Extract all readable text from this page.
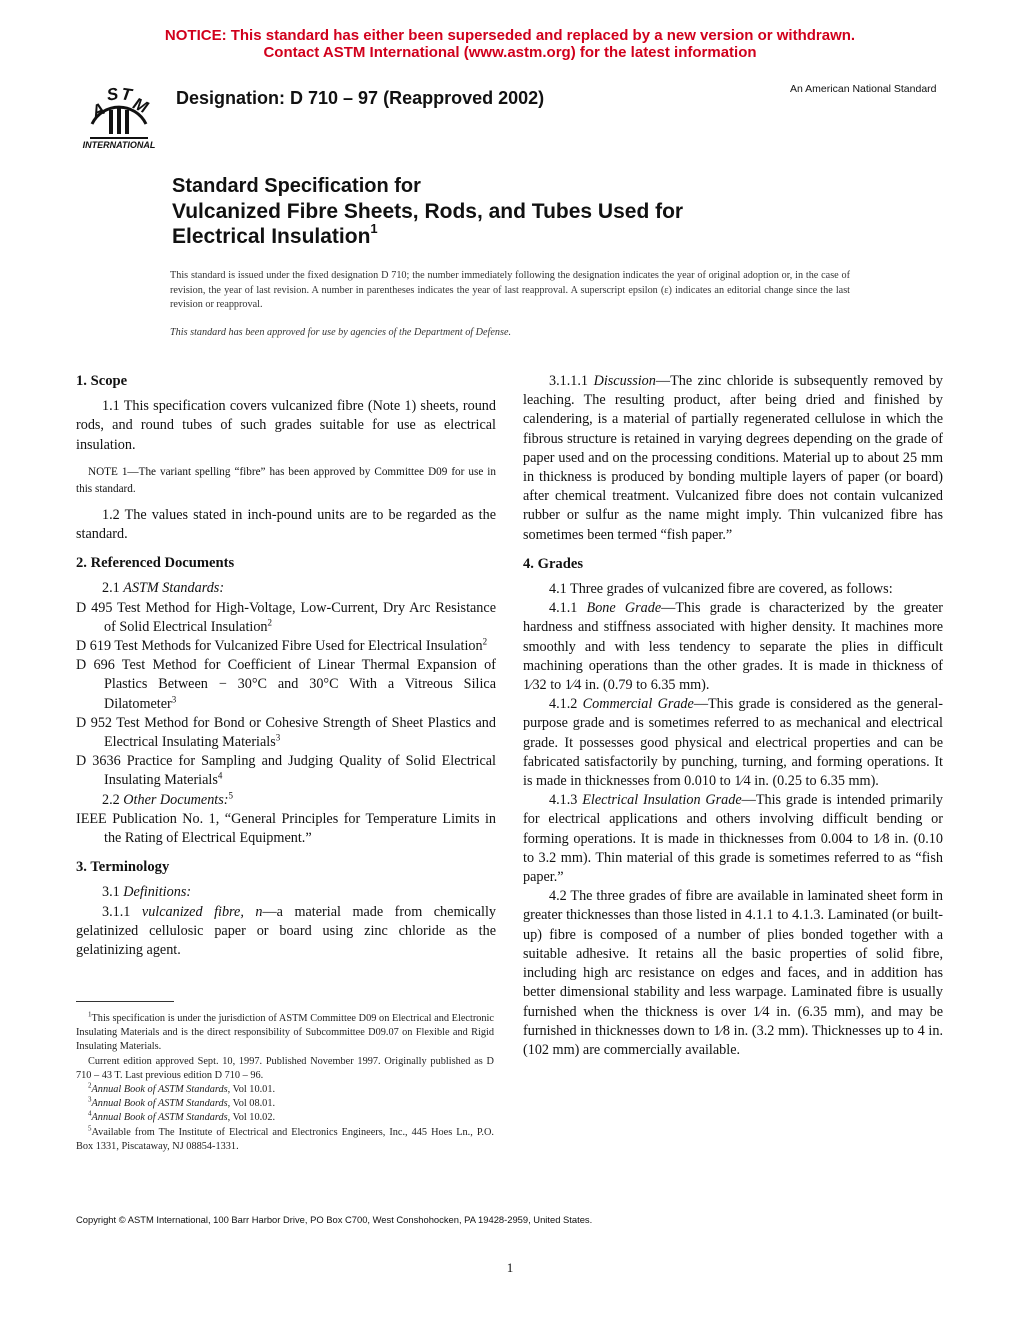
NOTICE: This standard has either been superseded and replaced by a new version or withdrawn.
Contact ASTM International (www.astm.org) for the latest information
A
S T
M
INTERNATIONAL
Designation: D 710 – 97 (Reapproved 2002)	An American National Standard
Standard Specification for
Vulcanized Fibre Sheets, Rods, and Tubes Used for
Electrical Insulation$^1$
This standard is issued under the fixed designation D 710; the number immediately following the designation indicates the year of original adoption or, in the case of revision, the year of last revision. A number in parentheses indicates the year of last reapproval. A superscript epsilon (ε) indicates an editorial change since the last revision or reapproval.
This standard has been approved for use by agencies of the Department of Defense.

1. Scope

1.1 This specification covers vulcanized fibre (Note 1) sheets, round rods, and round tubes of such grades suitable for use as electrical insulation.

NOTE 1—The variant spelling “fibre” has been approved by Committee D09 for use in this standard.

1.2 The values stated in inch-pound units are to be regarded as the standard.

2. Referenced Documents

2.1 ASTM Standards:

D 495 Test Method for High-Voltage, Low-Current, Dry Arc Resistance of Solid Electrical Insulation$^2$

D 619 Test Methods for Vulcanized Fibre Used for Electrical Insulation$^2$

D 696 Test Method for Coefficient of Linear Thermal Expansion of Plastics Between − 30°C and 30°C With a Vitreous Silica Dilatometer$^3$

D 952 Test Method for Bond or Cohesive Strength of Sheet Plastics and Electrical Insulating Materials$^3$

D 3636 Practice for Sampling and Judging Quality of Solid Electrical Insulating Materials$^4$

2.2 Other Documents:$^5$

IEEE Publication No. 1, “General Principles for Temperature Limits in the Rating of Electrical Equipment.”

3. Terminology

3.1 Definitions:

3.1.1 vulcanized fibre, n—a material made from chemically gelatinized cellulosic paper or board using zinc chloride as the gelatinizing agent.

$^1$This specification is under the jurisdiction of ASTM Committee D09 on Electrical and Electronic Insulating Materials and is the direct responsibility of Subcommittee D09.07 on Flexible and Rigid Insulating Materials.

Current edition approved Sept. 10, 1997. Published November 1997. Originally published as D 710 – 43 T. Last previous edition D 710 – 96.

$^2$Annual Book of ASTM Standards, Vol 10.01.

$^3$Annual Book of ASTM Standards, Vol 08.01.

$^4$Annual Book of ASTM Standards, Vol 10.02.

$^5$Available from The Institute of Electrical and Electronics Engineers, Inc., 445 Hoes Ln., P.O. Box 1331, Piscataway, NJ 08854-1331.

3.1.1.1 Discussion—The zinc chloride is subsequently removed by leaching. The resulting product, after being dried and finished by calendering, is a material of partially regenerated cellulose in which the fibrous structure is retained in varying degrees depending on the grade of paper used and on the processing conditions. Material up to about 25 mm in thickness is produced by bonding multiple layers of paper (or board) after chemical treatment. Vulcanized fibre does not contain vulcanized rubber or sulfur as the name might imply. Thin vulcanized fibre has sometimes been termed “fish paper.”

4. Grades

4.1 Three grades of vulcanized fibre are covered, as follows:

4.1.1 Bone Grade—This grade is characterized by the greater hardness and stiffness associated with higher density. It machines more smoothly and with less tendency to separate the plies in difficult machining operations than the other grades. It is made in thickness of 1⁄32 to 1⁄4 in. (0.79 to 6.35 mm).

4.1.2 Commercial Grade—This grade is considered as the general-purpose grade and is sometimes referred to as mechanical and electrical grade. It possesses good physical and electrical properties and can be fabricated satisfactorily by punching, turning, and forming operations. It is made in thicknesses from 0.010 to 1⁄4 in. (0.25 to 6.35 mm).

4.1.3 Electrical Insulation Grade—This grade is intended primarily for electrical applications and others involving difficult bending or forming operations. It is made in thicknesses from 0.004 to 1⁄8 in. (0.10 to 3.2 mm). Thin material of this grade is sometimes referred to as “fish paper.”

4.2 The three grades of fibre are available in laminated sheet form in greater thicknesses than those listed in 4.1.1 to 4.1.3. Laminated (or built-up) fibre is composed of a number of plies bonded together with a suitable adhesive. It retains all the basic properties of solid fibre, including high arc resistance on edges and faces, and in addition has better dimensional stability and less warpage. Laminated fibre is usually furnished when the thickness is over 1⁄4 in. (6.35 mm), and may be furnished in thicknesses down to 1⁄8 in. (3.2 mm). Thicknesses up to 4 in. (102 mm) are commercially available.

Copyright © ASTM International, 100 Barr Harbor Drive, PO Box C700, West Conshohocken, PA 19428-2959, United States.
1
